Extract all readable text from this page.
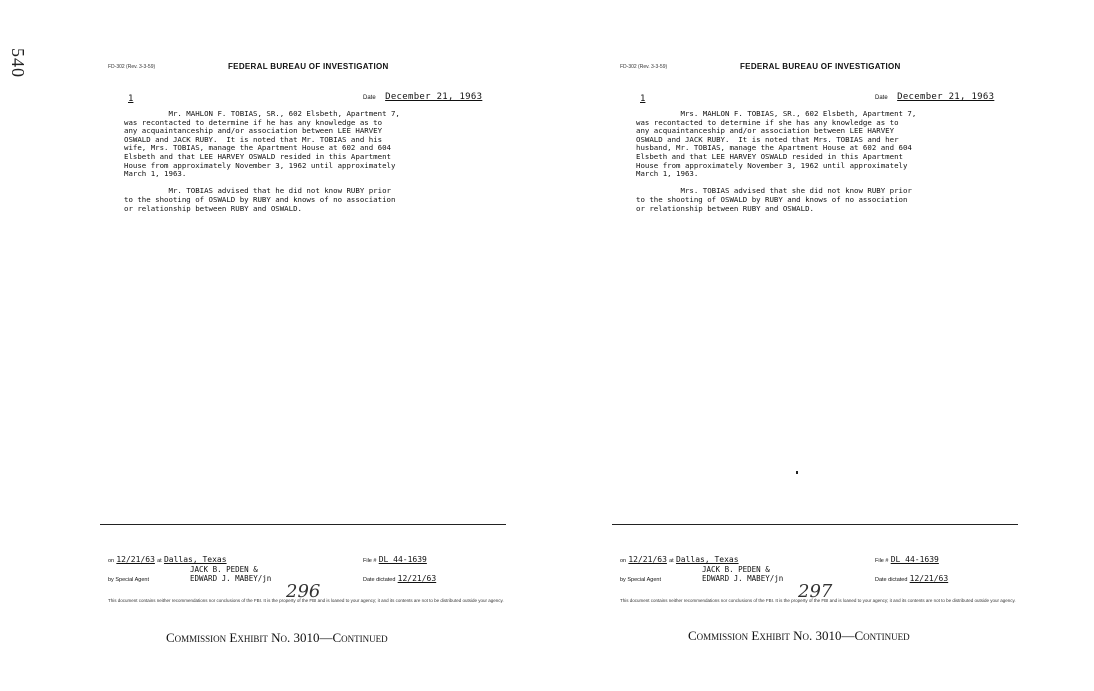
540	FD-302 (Rev. 3-3-59)	FEDERAL BUREAU OF INVESTIGATION
1	Date December 21, 1963
Mr. MAHLON F. TOBIAS, SR., 602 Elsbeth, Apartment 7,
was recontacted to determine if he has any knowledge as to
any acquaintanceship and/or association between LEE HARVEY
OSWALD and JACK RUBY.  It is noted that Mr. TOBIAS and his
wife, Mrs. TOBIAS, manage the Apartment House at 602 and 604
Elsbeth and that LEE HARVEY OSWALD resided in this Apartment
House from approximately November 3, 1962 until approximately
March 1, 1963.

Mr. TOBIAS advised that he did not know RUBY prior
to the shooting of OSWALD by RUBY and knows of no association
or relationship between RUBY and OSWALD.
on 12/21/63 at Dallas, Texas	File # DL 44-1639
JACK B. PEDEN &
EDWARD J. MABEY/jn
by Special Agent	Date dictated 12/21/63
296
This document contains neither recommendations nor conclusions of the FBI. It is the property of the FBI and is loaned to your agency; it and its contents are not to be distributed outside your agency.
FD-302 (Rev. 3-3-59)	FEDERAL BUREAU OF INVESTIGATION
1	Date December 21, 1963
Mrs. MAHLON F. TOBIAS, SR., 602 Elsbeth, Apartment 7,
was recontacted to determine if she has any knowledge as to
any acquaintanceship and/or association between LEE HARVEY
OSWALD and JACK RUBY.  It is noted that Mrs. TOBIAS and her
husband, Mr. TOBIAS, manage the Apartment House at 602 and 604
Elsbeth and that LEE HARVEY OSWALD resided in this Apartment
House from approximately November 3, 1962 until approximately
March 1, 1963.

Mrs. TOBIAS advised that she did not know RUBY prior
to the shooting of OSWALD by RUBY and knows of no association
or relationship between RUBY and OSWALD.
on 12/21/63 at Dallas, Texas	File # DL 44-1639
JACK B. PEDEN &
EDWARD J. MABEY/jn
by Special Agent	Date dictated 12/21/63
297
This document contains neither recommendations nor conclusions of the FBI. It is the property of the FBI and is loaned to your agency; it and its contents are not to be distributed outside your agency.
Commission Exhibit No. 3010—Continued	Commission Exhibit No. 3010—Continued
